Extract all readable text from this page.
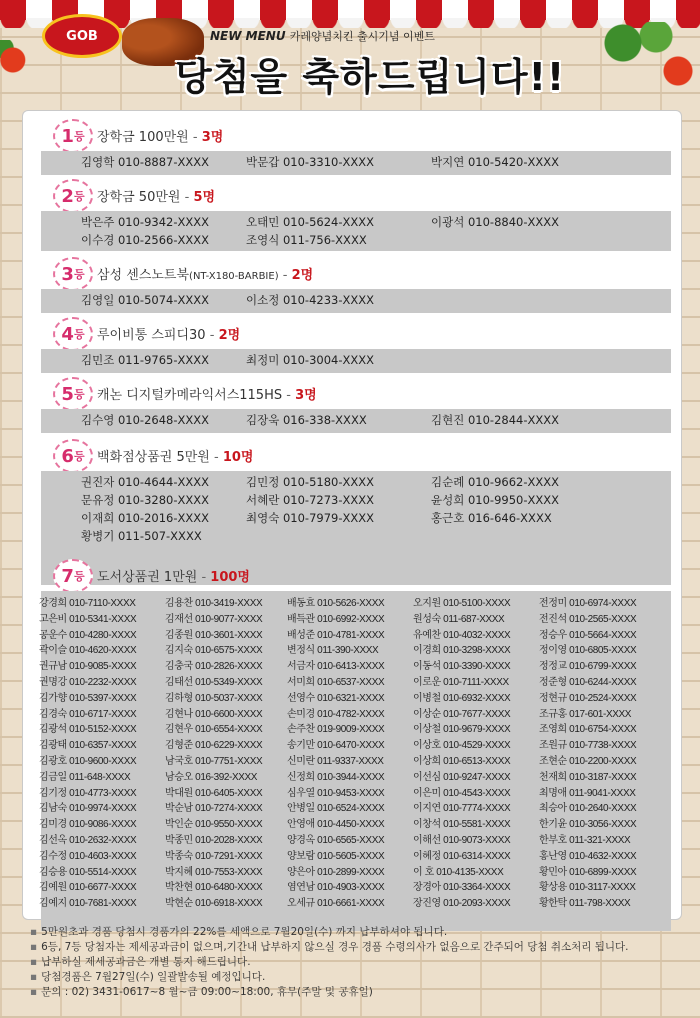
GOB	NEW MENU 카레양념치킨 출시기념 이벤트
당첨을 축하드립니다!!
1 등 장학금 100만원 - 3명
김영학 010-8887-XXXX	박문갑 010-3310-XXXX	박지연 010-5420-XXXX
2 등 장학금 50만원 - 5명
박은주 010-9342-XXXX	오태민 010-5624-XXXX	이광석 010-8840-XXXX
이수경 010-2566-XXXX	조영식 011-756-XXXX
3 등 삼성 센스노트북(NT-X180-BARBIE) - 2명
김영일 010-5074-XXXX	이소정 010-4233-XXXX
4 등 루이비통 스피디30 - 2명
김민조 011-9765-XXXX	최정미 010-3004-XXXX
5 등 캐논 디지털카메라익서스115HS - 3명
김수영 010-2648-XXXX	김장욱 016-338-XXXX	김현진 010-2844-XXXX
6 등 백화점상품권 5만원 - 10명
권진자 010-4644-XXXX	김민정 010-5180-XXXX	김순례 010-9662-XXXX
문유정 010-3280-XXXX	서혜란 010-7273-XXXX	윤성희 010-9950-XXXX
이재희 010-2016-XXXX	최영숙 010-7979-XXXX	홍근호 016-646-XXXX
황병기 011-507-XXXX
7 등 도서상품권 1만원 - 100명
강경희 010-7110-XXXX	김용찬 010-3419-XXXX 배동효 010-5626-XXXX	오지원 010-5100-XXXX	전정미 010-6974-XXXX
고은비 010-5341-XXXX	김재선 010-9077-XXXX 배득관 010-6992-XXXX	원성숙 011-687-XXXX	전진석 010-2565-XXXX
공운수 010-4280-XXXX	김종원 010-3601-XXXX 배성준 010-4781-XXXX	유예찬 010-4032-XXXX	정승우 010-5664-XXXX
곽이슬 010-4620-XXXX	김지숙 010-6575-XXXX 변정식 011-390-XXXX	이경희 010-3298-XXXX	정이영 010-6805-XXXX
권규남 010-9085-XXXX	김충국 010-2826-XXXX 서금자 010-6413-XXXX	이동석 010-3390-XXXX	정정교 010-6799-XXXX
권명강 010-2232-XXXX	김태선 010-5349-XXXX 서미희 010-6537-XXXX	이로운 010-7111-XXXX	정준형 010-6244-XXXX
김가향 010-5397-XXXX	김하형 010-5037-XXXX 선영수 010-6321-XXXX	이병철 010-6932-XXXX	정현규 010-2524-XXXX
김경숙 010-6717-XXXX	김현나 010-6600-XXXX 손미경 010-4782-XXXX	이상순 010-7677-XXXX	조규홍 017-601-XXXX
김광석 010-5152-XXXX	김현우 010-6554-XXXX 손주찬 019-9009-XXXX	이상철 010-9679-XXXX	조영희 010-6754-XXXX
김광태 010-6357-XXXX	김형준 010-6229-XXXX 송기만 010-6470-XXXX	이상호 010-4529-XXXX	조원규 010-7738-XXXX
김광호 010-9600-XXXX	남국호 010-7751-XXXX 신미란 011-9337-XXXX	이상희 010-6513-XXXX	조현순 010-2200-XXXX
김금일 011-648-XXXX	남승오 016-392-XXXX	신정희 010-3944-XXXX	이선심 010-9247-XXXX	천재희 010-3187-XXXX
김기정 010-4773-XXXX	박대원 010-6405-XXXX 심우열 010-9453-XXXX	이은미 010-4543-XXXX	최명애 011-9041-XXXX
김남숙 010-9974-XXXX	박순남 010-7274-XXXX 안병일 010-6524-XXXX	이지연 010-7774-XXXX	최승아 010-2640-XXXX
김미경 010-9086-XXXX	박인순 010-9550-XXXX 안영애 010-4450-XXXX	이창석 010-5581-XXXX	한기윤 010-3056-XXXX
김선옥 010-2632-XXXX	박종민 010-2028-XXXX 양경옥 010-6565-XXXX	이해선 010-9073-XXXX	한부호 011-321-XXXX
김수정 010-4603-XXXX	박종숙 010-7291-XXXX 양보람 010-5605-XXXX	이혜정 010-6314-XXXX	홍난영 010-4632-XXXX
김승용 010-5514-XXXX	박지혜 010-7553-XXXX 양은아 010-2899-XXXX	이 호 010-4135-XXXX	황민아 010-6899-XXXX
김예원 010-6677-XXXX	박찬현 010-6480-XXXX 염연남 010-4903-XXXX	장경아 010-3364-XXXX	황상용 010-3117-XXXX
김예지 010-7681-XXXX	박현순 010-6918-XXXX 오세규 010-6661-XXXX	장진영 010-2093-XXXX	황한탁 011-798-XXXX
▪ 5만원초과 경품 당첨시 경품가의 22%를 세액으로 7월20일(수) 까지 납부하셔야 됩니다.
▪ 6등, 7등 당첨자는 제세공과금이 없으며,기간내 납부하지 않으실 경우 경품 수령의사가 없음으로 간주되어 당첨 취소처리 됩니다.
▪ 납부하실 제세공과금은 개별 통지 해드립니다.
▪ 당첨경품은 7월27일(수) 일괄발송될 예정입니다.
▪ 문의 : 02) 3431-0617~8 월~금 09:00~18:00, 휴무(주말 및 공휴일)
